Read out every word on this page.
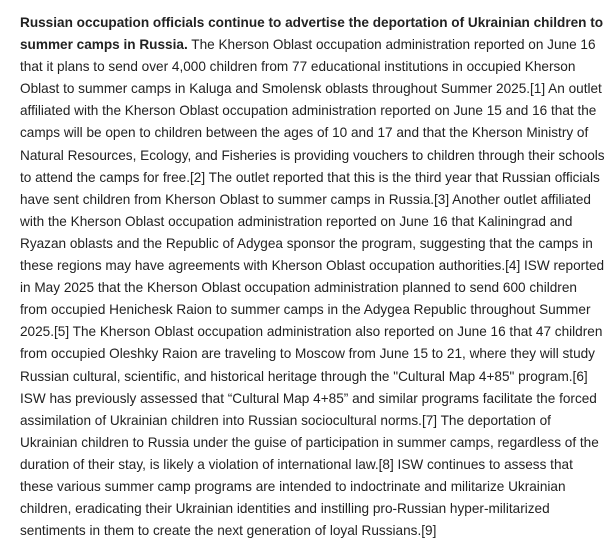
Russian occupation officials continue to advertise the deportation of Ukrainian children to summer camps in Russia. The Kherson Oblast occupation administration reported on June 16 that it plans to send over 4,000 children from 77 educational institutions in occupied Kherson Oblast to summer camps in Kaluga and Smolensk oblasts throughout Summer 2025.[1] An outlet affiliated with the Kherson Oblast occupation administration reported on June 15 and 16 that the camps will be open to children between the ages of 10 and 17 and that the Kherson Ministry of Natural Resources, Ecology, and Fisheries is providing vouchers to children through their schools to attend the camps for free.[2] The outlet reported that this is the third year that Russian officials have sent children from Kherson Oblast to summer camps in Russia.[3] Another outlet affiliated with the Kherson Oblast occupation administration reported on June 16 that Kaliningrad and Ryazan oblasts and the Republic of Adygea sponsor the program, suggesting that the camps in these regions may have agreements with Kherson Oblast occupation authorities.[4] ISW reported in May 2025 that the Kherson Oblast occupation administration planned to send 600 children from occupied Henichesk Raion to summer camps in the Adygea Republic throughout Summer 2025.[5] The Kherson Oblast occupation administration also reported on June 16 that 47 children from occupied Oleshky Raion are traveling to Moscow from June 15 to 21, where they will study Russian cultural, scientific, and historical heritage through the "Cultural Map 4+85" program.[6] ISW has previously assessed that “Cultural Map 4+85” and similar programs facilitate the forced assimilation of Ukrainian children into Russian sociocultural norms.[7] The deportation of Ukrainian children to Russia under the guise of participation in summer camps, regardless of the duration of their stay, is likely a violation of international law.[8] ISW continues to assess that these various summer camp programs are intended to indoctrinate and militarize Ukrainian children, eradicating their Ukrainian identities and instilling pro-Russian hyper-militarized sentiments in them to create the next generation of loyal Russians.[9]
